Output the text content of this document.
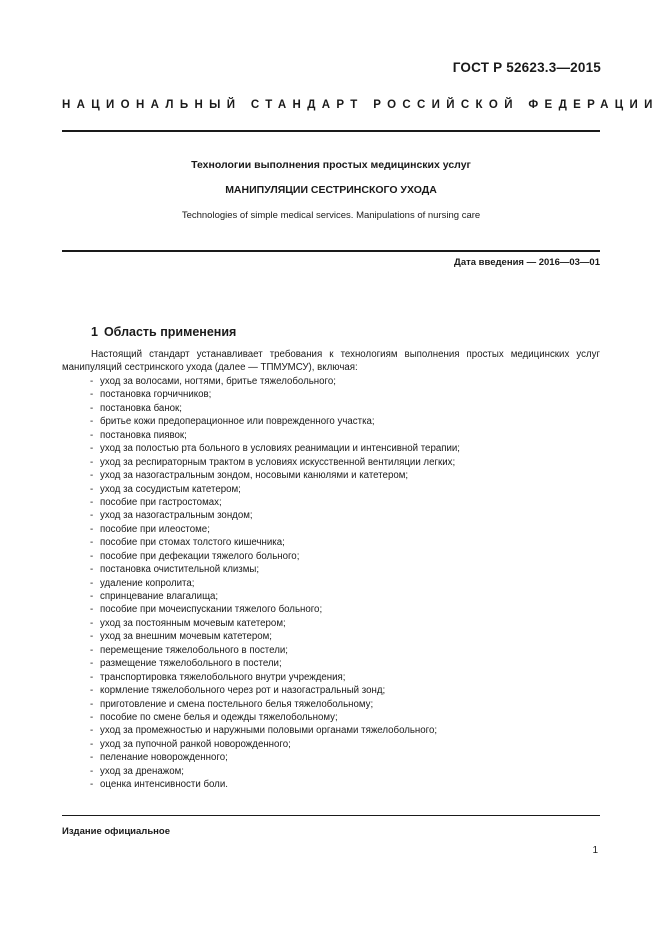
ГОСТ Р 52623.3—2015
НАЦИОНАЛЬНЫЙ СТАНДАРТ РОССИЙСКОЙ ФЕДЕРАЦИИ
Технологии выполнения простых медицинских услуг
МАНИПУЛЯЦИИ СЕСТРИНСКОГО УХОДА
Technologies of simple medical services. Manipulations of nursing care
Дата введения — 2016—03—01
1 Область применения

Настоящий стандарт устанавливает требования к технологиям выполнения простых медицинских услуг манипуляций сестринского ухода (далее — ТПМУМСУ), включая:

- уход за волосами, ногтями, бритье тяжелобольного;
- постановка горчичников;
- постановка банок;
- бритье кожи предоперационное или поврежденного участка;
- постановка пиявок;
- уход за полостью рта больного в условиях реанимации и интенсивной терапии;
- уход за респираторным трактом в условиях искусственной вентиляции легких;
- уход за назогастральным зондом, носовыми канюлями и катетером;
- уход за сосудистым катетером;
- пособие при гастростомах;
- уход за назогастральным зондом;
- пособие при илеостоме;
- пособие при стомах толстого кишечника;
- пособие при дефекации тяжелого больного;
- постановка очистительной клизмы;
- удаление копролита;
- спринцевание влагалища;
- пособие при мочеиспускании тяжелого больного;
- уход за постоянным мочевым катетером;
- уход за внешним мочевым катетером;
- перемещение тяжелобольного в постели;
- размещение тяжелобольного в постели;
- транспортировка тяжелобольного внутри учреждения;
- кормление тяжелобольного через рот и назогастральный зонд;
- приготовление и смена постельного белья тяжелобольному;
- пособие по смене белья и одежды тяжелобольному;
- уход за промежностью и наружными половыми органами тяжелобольного;
- уход за пупочной ранкой новорожденного;
- пеленание новорожденного;
- уход за дренажом;
- оценка интенсивности боли.
Издание официальное
1
